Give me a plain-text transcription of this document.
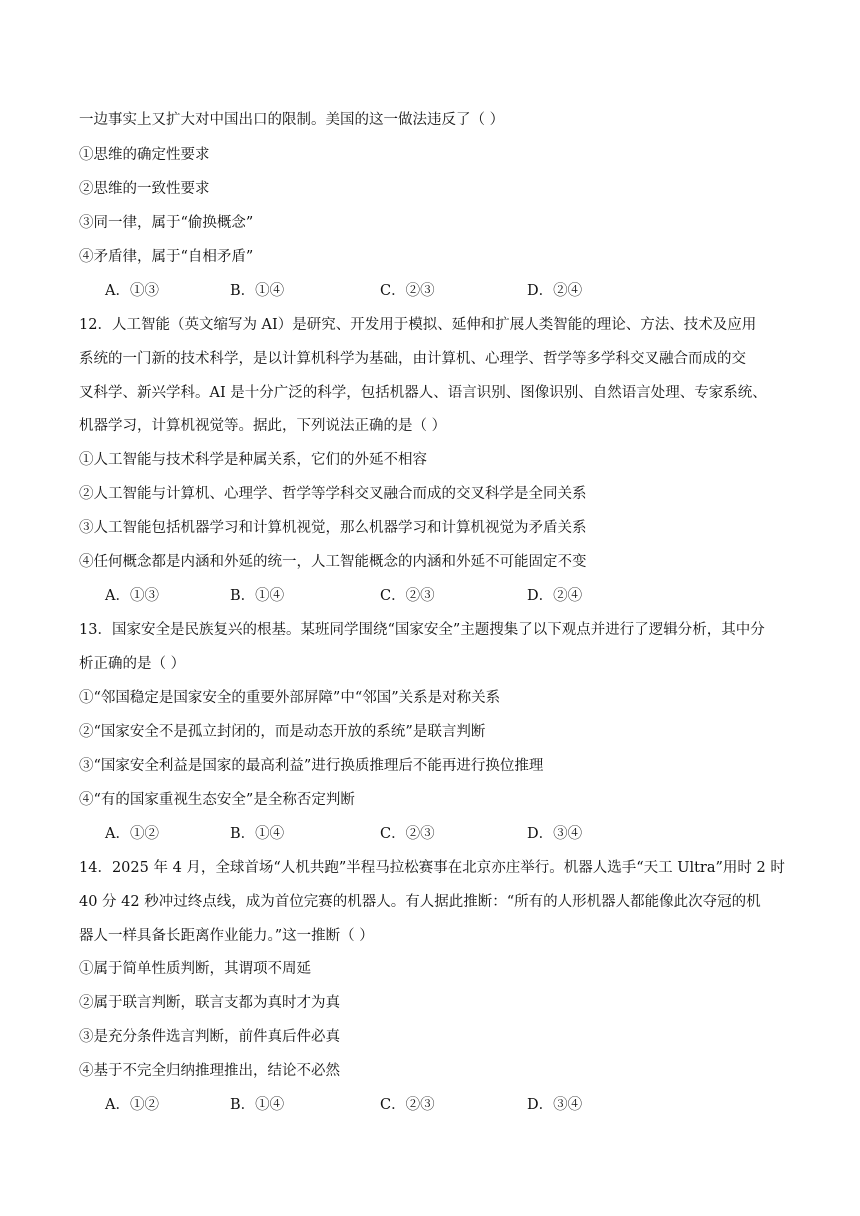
一边事实上又扩大对中国出口的限制。美国的这一做法违反了（ ）
①思维的确定性要求
②思维的一致性要求
③同一律，属于“偷换概念”
④矛盾律，属于“自相矛盾”
A．①③	B．①④	C．②③	D．②④
12．人工智能（英文缩写为 AI）是研究、开发用于模拟、延伸和扩展人类智能的理论、方法、技术及应用
系统的一门新的技术科学，是以计算机科学为基础，由计算机、心理学、哲学等多学科交叉融合而成的交
叉科学、新兴学科。AI 是十分广泛的科学，包括机器人、语言识别、图像识别、自然语言处理、专家系统、
机器学习，计算机视觉等。据此，下列说法正确的是（ ）
①人工智能与技术科学是种属关系，它们的外延不相容
②人工智能与计算机、心理学、哲学等学科交叉融合而成的交叉科学是全同关系
③人工智能包括机器学习和计算机视觉，那么机器学习和计算机视觉为矛盾关系
④任何概念都是内涵和外延的统一，人工智能概念的内涵和外延不可能固定不变
A．①③	B．①④	C．②③	D．②④
13．国家安全是民族复兴的根基。某班同学围绕“国家安全”主题搜集了以下观点并进行了逻辑分析，其中分
析正确的是（ ）
①“邻国稳定是国家安全的重要外部屏障”中“邻国”关系是对称关系
②“国家安全不是孤立封闭的，而是动态开放的系统”是联言判断
③“国家安全利益是国家的最高利益”进行换质推理后不能再进行换位推理
④“有的国家重视生态安全”是全称否定判断
A．①②	B．①④	C．②③	D．③④
14．2025 年 4 月，全球首场“人机共跑”半程马拉松赛事在北京亦庄举行。机器人选手“天工 Ultra”用时 2 时
40 分 42 秒冲过终点线，成为首位完赛的机器人。有人据此推断：“所有的人形机器人都能像此次夺冠的机
器人一样具备长距离作业能力。”这一推断（ ）
①属于简单性质判断，其谓项不周延
②属于联言判断，联言支都为真时才为真
③是充分条件选言判断，前件真后件必真
④基于不完全归纳推理推出，结论不必然
A．①②	B．①④	C．②③	D．③④
